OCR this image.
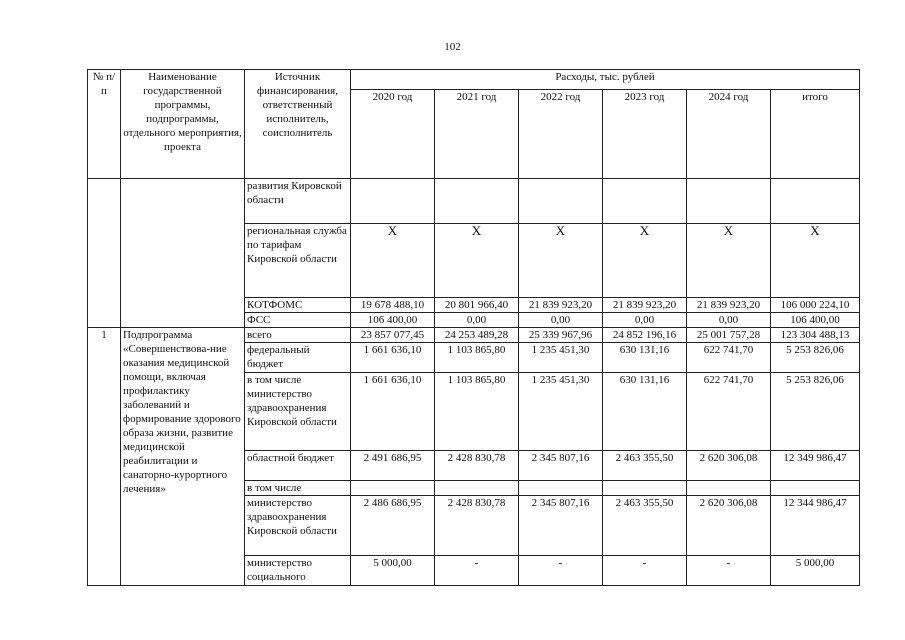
102
№ п/п	Наименование государственной программы, подпрограммы, отдельного мероприятия, проекта	Источник финансирования, ответственный исполнитель, соисполнитель	Расходы, тыс. рублей					
			2020 год	2021 год	2022 год	2023 год	2024 год	итого
		развития Кировской области						
		региональная служба по тарифам Кировской области	X	X	X	X	X	X
		КОТФОМС	19 678 488,10	20 801 966,40	21 839 923,20	21 839 923,20	21 839 923,20	106 000 224,10
		ФСС	106 400,00	0,00	0,00	0,00	0,00	106 400,00
1	Подпрограмма «Совершенствова-ние оказания медицинской помощи, включая профилактику заболеваний и формирование здорового образа жизни, развитие медицинской реабилитации и санаторно-курортного лечения»	всего	23 857 077,45	24 253 489,28	25 339 967,96	24 852 196,16	25 001 757,28	123 304 488,13
		федеральный бюджет	1 661 636,10	1 103 865,80	1 235 451,30	630 131,16	622 741,70	5 253 826,06
		в том числе министерство здравоохранения Кировской области	1 661 636,10	1 103 865,80	1 235 451,30	630 131,16	622 741,70	5 253 826,06
		областной бюджет	2 491 686,95	2 428 830,78	2 345 807,16	2 463 355,50	2 620 306,08	12 349 986,47
		в том числе						
		министерство здравоохранения Кировской области	2 486 686,95	2 428 830,78	2 345 807,16	2 463 355,50	2 620 306,08	12 344 986,47
		министерство социального	5 000,00	-	-	-	-	5 000,00
